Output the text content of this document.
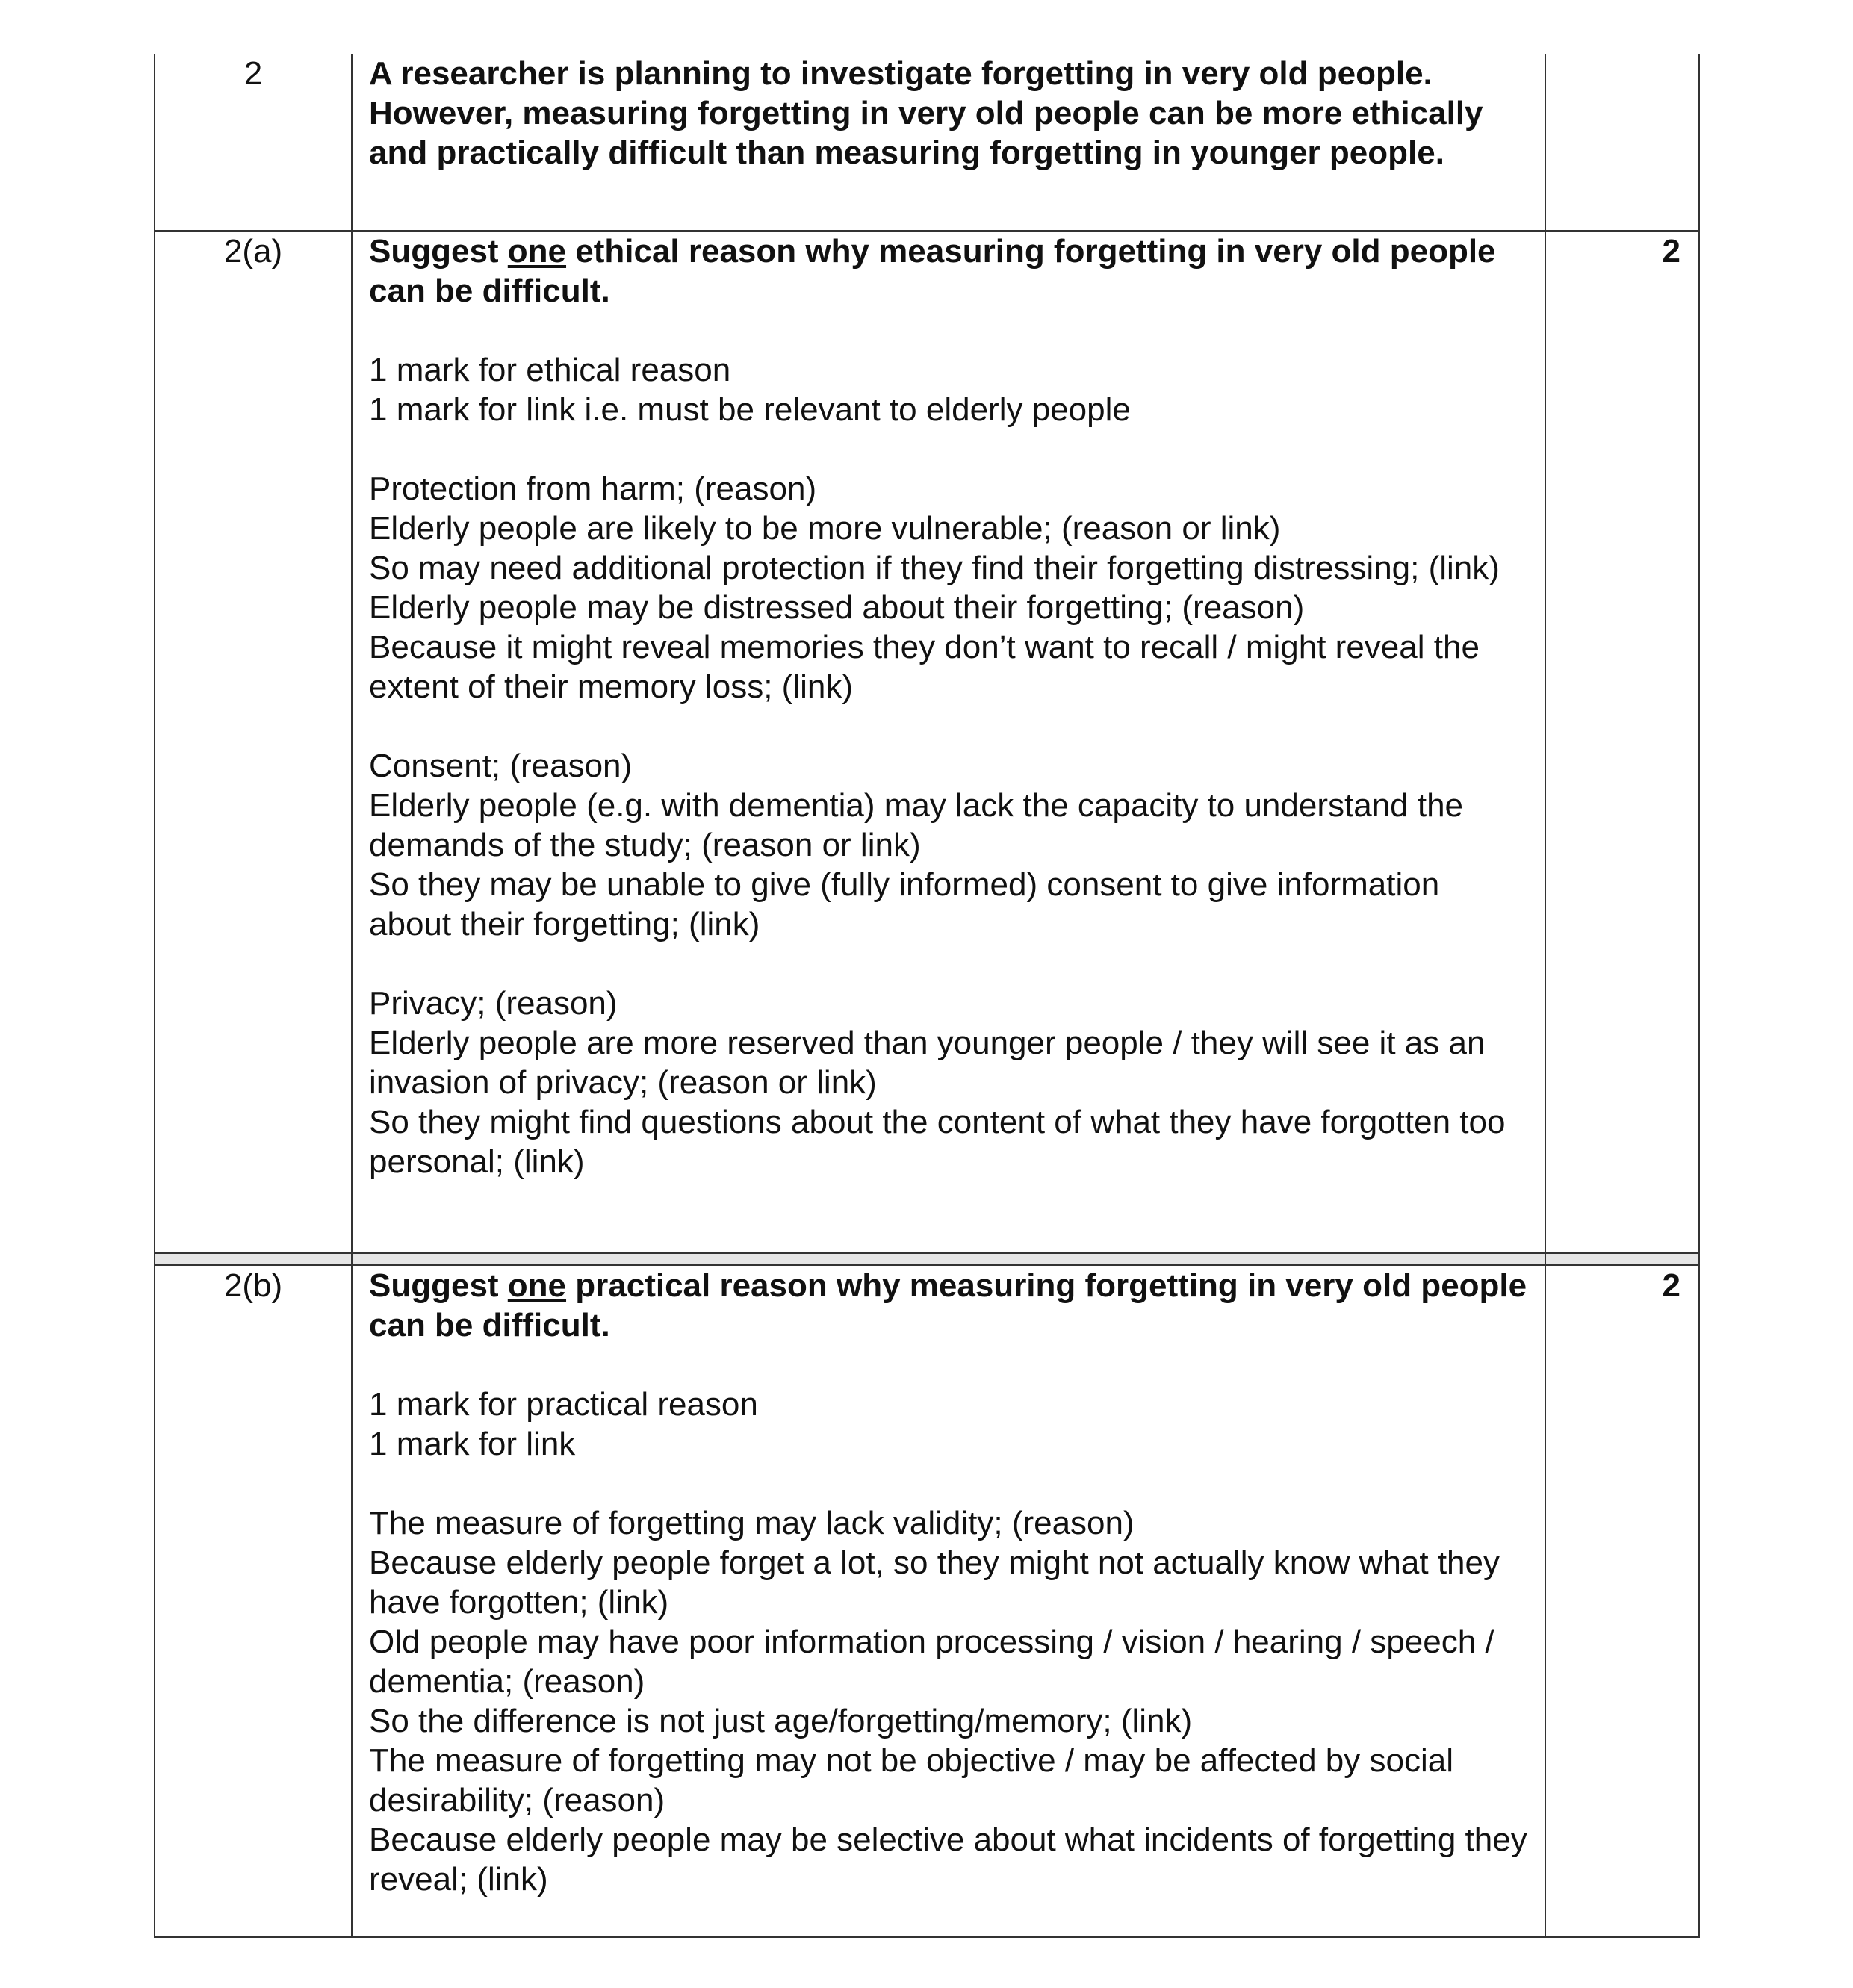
2	A researcher is planning to investigate forgetting in very old people. However, measuring forgetting in very old people can be more ethically and practically difficult than measuring forgetting in younger people.

2(a)	Suggest one ethical reason why measuring forgetting in very old people can be difficult.

1 mark for ethical reason
1 mark for link i.e. must be relevant to elderly people
Protection from harm; (reason)
Elderly people are likely to be more vulnerable; (reason or link)
So may need additional protection if they find their forgetting distressing; (link)
Elderly people may be distressed about their forgetting; (reason)
Because it might reveal memories they don’t want to recall / might reveal the extent of their memory loss; (link)
Consent; (reason)
Elderly people (e.g. with dementia) may lack the capacity to understand the demands of the study; (reason or link)
So they may be unable to give (fully informed) consent to give information about their forgetting; (link)
Privacy; (reason)
Elderly people are more reserved than younger people / they will see it as an invasion of privacy; (reason or link)
So they might find questions about the content of what they have forgotten too personal; (link)
2
2(b)	Suggest one practical reason why measuring forgetting in very old people can be difficult.

1 mark for practical reason
1 mark for link
The measure of forgetting may lack validity; (reason)
Because elderly people forget a lot, so they might not actually know what they have forgotten; (link)
Old people may have poor information processing / vision / hearing / speech / dementia; (reason)
So the difference is not just age/forgetting/memory; (link)
The measure of forgetting may not be objective / may be affected by social desirability; (reason)
Because elderly people may be selective about what incidents of forgetting they reveal; (link)
2
